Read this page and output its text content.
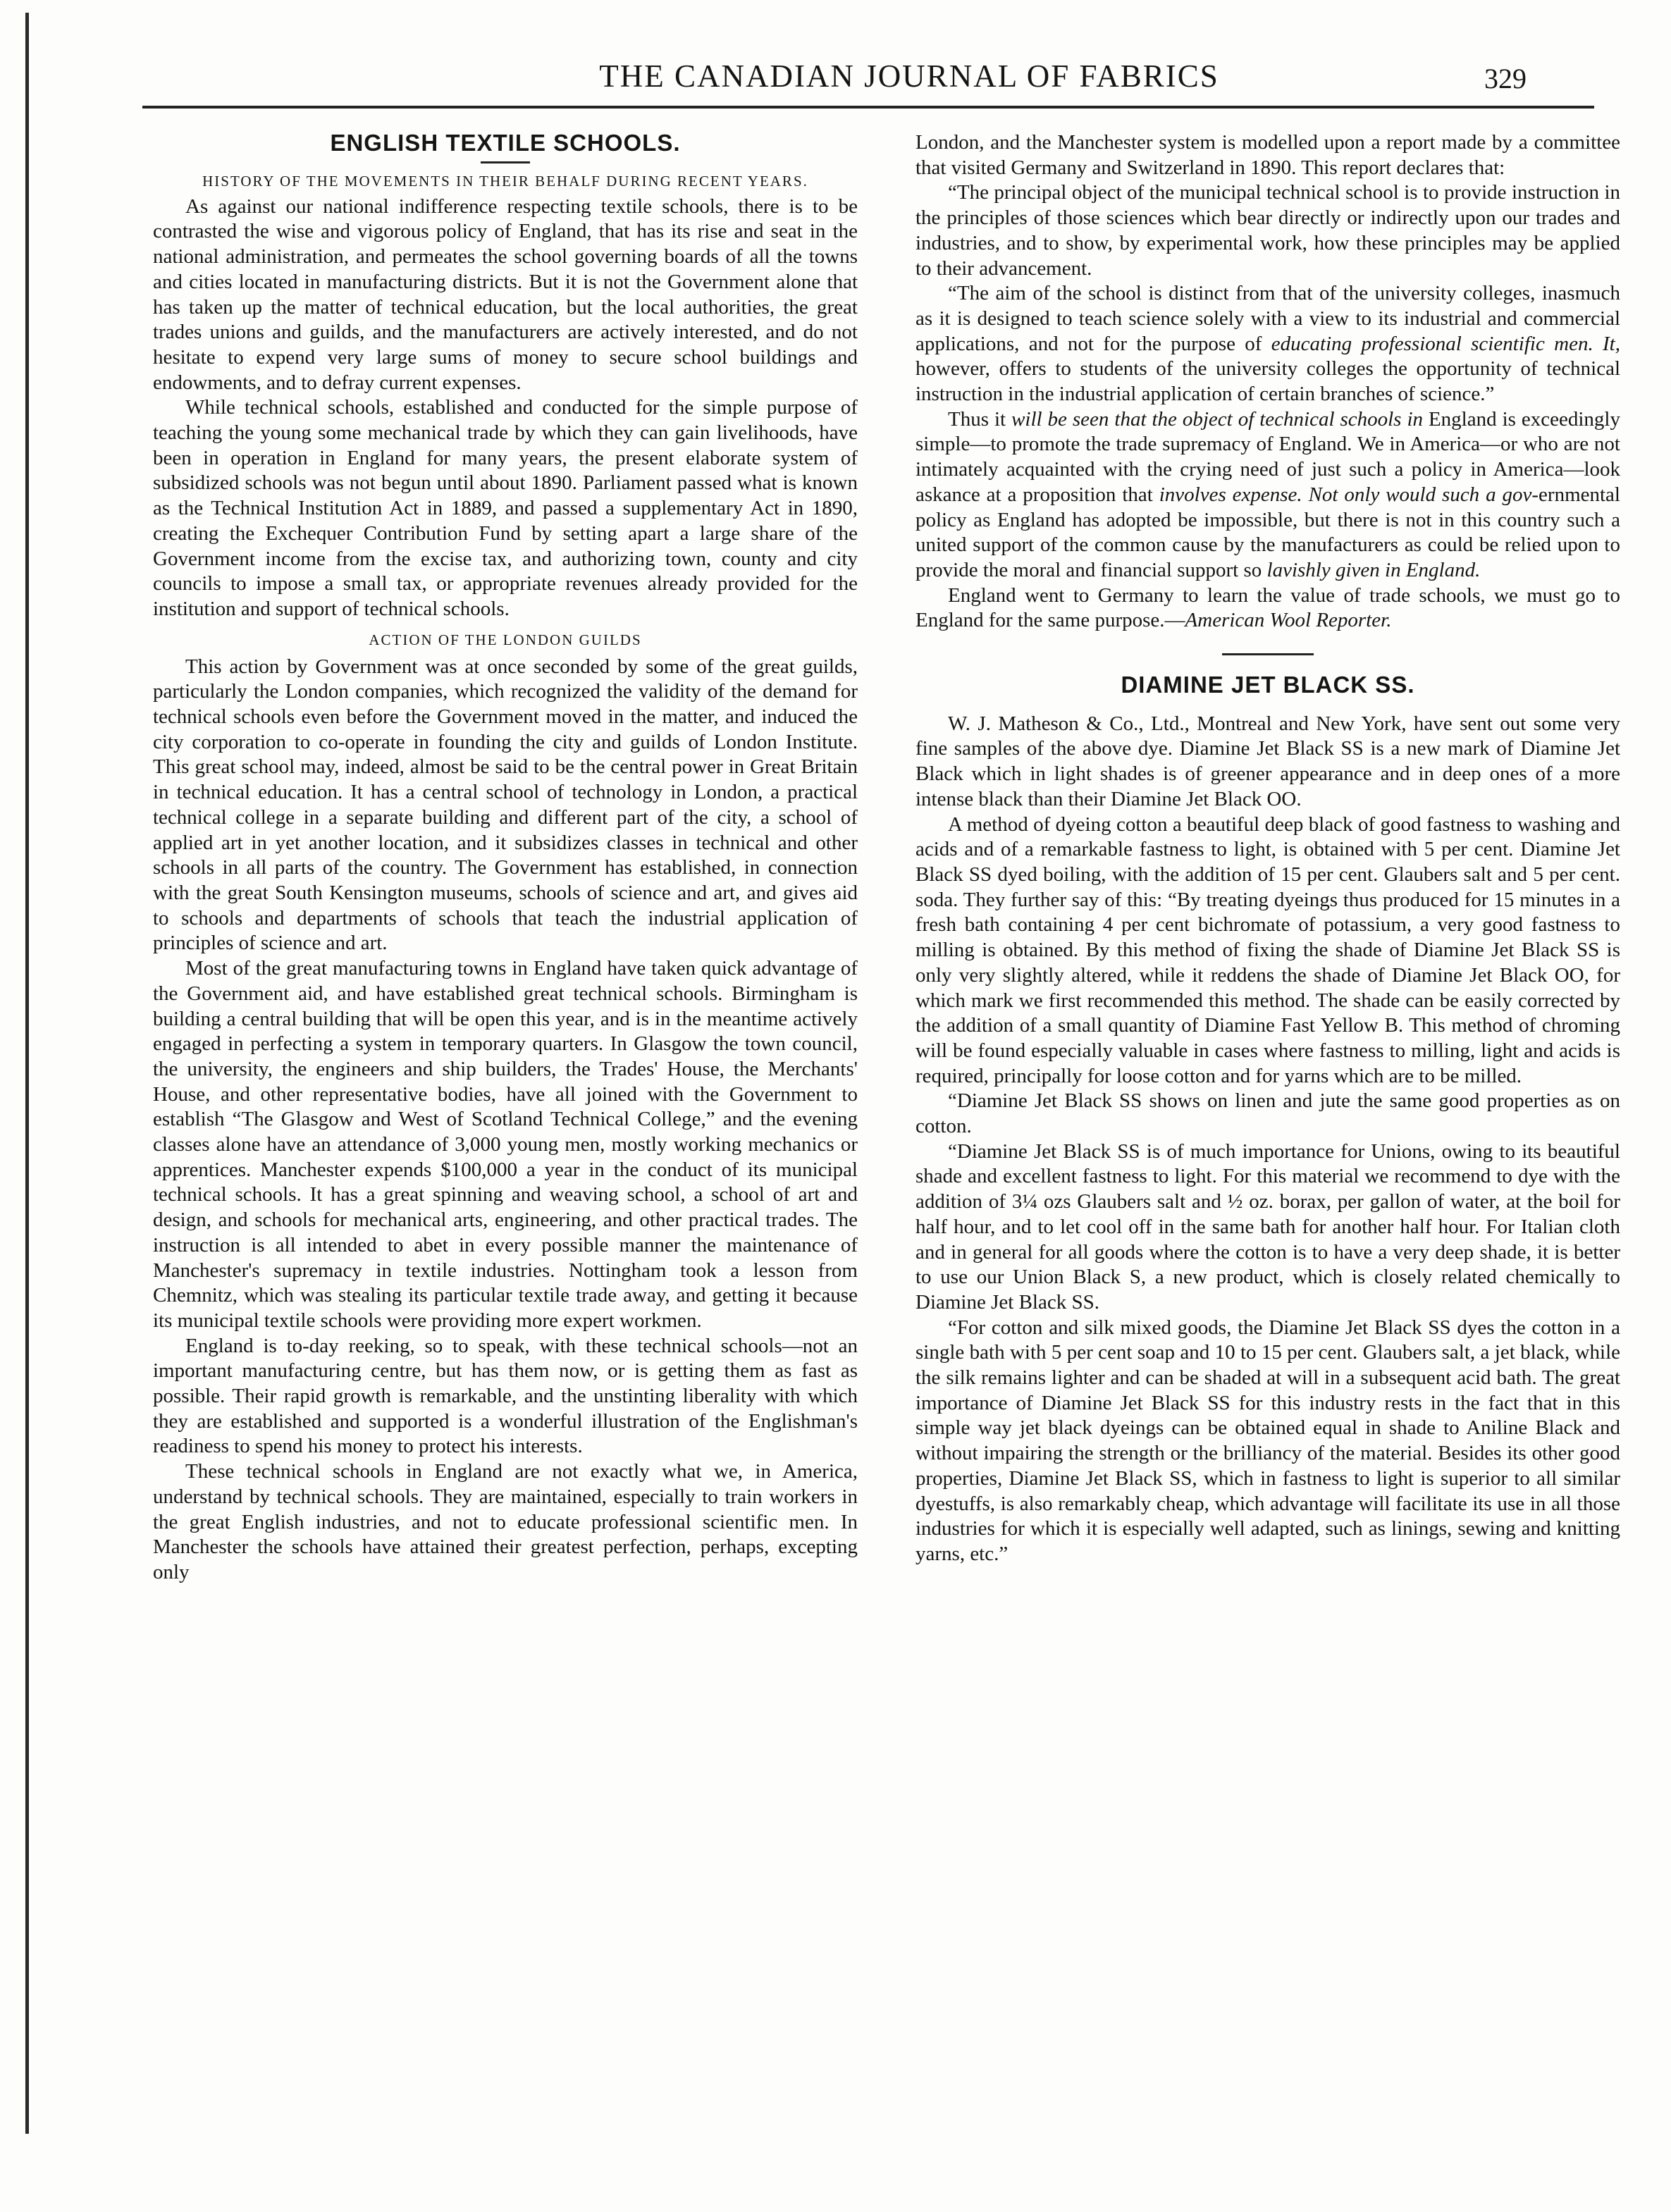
THE CANADIAN JOURNAL OF FABRICS	329
ENGLISH TEXTILE SCHOOLS.
HISTORY OF THE MOVEMENTS IN THEIR BEHALF DURING RECENT YEARS.

As against our national indifference respecting textile schools, there is to be contrasted the wise and vigorous policy of England, that has its rise and seat in the national administration, and permeates the school governing boards of all the towns and cities located in manufacturing districts. But it is not the Government alone that has taken up the matter of technical education, but the local authorities, the great trades unions and guilds, and the manufacturers are actively interested, and do not hesitate to expend very large sums of money to secure school buildings and endowments, and to defray current expenses.

While technical schools, established and conducted for the simple purpose of teaching the young some mechanical trade by which they can gain livelihoods, have been in operation in England for many years, the present elaborate system of subsidized schools was not begun until about 1890. Parliament passed what is known as the Technical Institution Act in 1889, and passed a supplementary Act in 1890, creating the Exchequer Contribution Fund by setting apart a large share of the Government income from the excise tax, and authorizing town, county and city councils to impose a small tax, or appropriate revenues already provided for the institution and support of technical schools.

ACTION OF THE LONDON GUILDS

This action by Government was at once seconded by some of the great guilds, particularly the London companies, which recognized the validity of the demand for technical schools even before the Government moved in the matter, and induced the city corporation to co-operate in founding the city and guilds of London Institute. This great school may, indeed, almost be said to be the central power in Great Britain in technical education. It has a central school of technology in London, a practical technical college in a separate building and different part of the city, a school of applied art in yet another location, and it subsidizes classes in technical and other schools in all parts of the country. The Government has established, in connection with the great South Kensington museums, schools of science and art, and gives aid to schools and departments of schools that teach the industrial application of principles of science and art.

Most of the great manufacturing towns in England have taken quick advantage of the Government aid, and have established great technical schools. Birmingham is building a central building that will be open this year, and is in the meantime actively engaged in perfecting a system in temporary quarters. In Glasgow the town council, the university, the engineers and ship builders, the Trades' House, the Merchants' House, and other representative bodies, have all joined with the Government to establish “The Glasgow and West of Scotland Technical College,” and the evening classes alone have an attendance of 3,000 young men, mostly working mechanics or apprentices. Manchester expends $100,000 a year in the conduct of its municipal technical schools. It has a great spinning and weaving school, a school of art and design, and schools for mechanical arts, engineering, and other practical trades. The instruction is all intended to abet in every possible manner the maintenance of Manchester's supremacy in textile industries. Nottingham took a lesson from Chemnitz, which was stealing its particular textile trade away, and getting it because its municipal textile schools were providing more expert workmen.

England is to-day reeking, so to speak, with these technical schools—not an important manufacturing centre, but has them now, or is getting them as fast as possible. Their rapid growth is remarkable, and the unstinting liberality with which they are established and supported is a wonderful illustration of the Englishman's readiness to spend his money to protect his interests.

These technical schools in England are not exactly what we, in America, understand by technical schools. They are maintained, especially to train workers in the great English industries, and not to educate professional scientific men. In Manchester the schools have attained their greatest perfection, perhaps, excepting only

London, and the Manchester system is modelled upon a report made by a committee that visited Germany and Switzerland in 1890. This report declares that:

“The principal object of the municipal technical school is to provide instruction in the principles of those sciences which bear directly or indirectly upon our trades and industries, and to show, by experimental work, how these principles may be applied to their advancement.

“The aim of the school is distinct from that of the university colleges, inasmuch as it is designed to teach science solely with a view to its industrial and commercial applications, and not for the purpose of educating professional scientific men. It, however, offers to students of the university colleges the opportunity of technical instruction in the industrial application of certain branches of science.”

Thus it will be seen that the object of technical schools in England is exceedingly simple—to promote the trade supremacy of England. We in America—or who are not intimately acquainted with the crying need of just such a policy in America—look askance at a proposition that involves expense. Not only would such a gov-ernmental policy as England has adopted be impossible, but there is not in this country such a united support of the common cause by the manufacturers as could be relied upon to provide the moral and financial support so lavishly given in England.

England went to Germany to learn the value of trade schools, we must go to England for the same purpose.—American Wool Reporter.

DIAMINE JET BLACK SS.

W. J. Matheson & Co., Ltd., Montreal and New York, have sent out some very fine samples of the above dye. Diamine Jet Black SS is a new mark of Diamine Jet Black which in light shades is of greener appearance and in deep ones of a more intense black than their Diamine Jet Black OO.

A method of dyeing cotton a beautiful deep black of good fastness to washing and acids and of a remarkable fastness to light, is obtained with 5 per cent. Diamine Jet Black SS dyed boiling, with the addition of 15 per cent. Glaubers salt and 5 per cent. soda. They further say of this: “By treating dyeings thus produced for 15 minutes in a fresh bath containing 4 per cent bichromate of potassium, a very good fastness to milling is obtained. By this method of fixing the shade of Diamine Jet Black SS is only very slightly altered, while it reddens the shade of Diamine Jet Black OO, for which mark we first recommended this method. The shade can be easily corrected by the addition of a small quantity of Diamine Fast Yellow B. This method of chroming will be found especially valuable in cases where fastness to milling, light and acids is required, principally for loose cotton and for yarns which are to be milled.

“Diamine Jet Black SS shows on linen and jute the same good properties as on cotton.

“Diamine Jet Black SS is of much importance for Unions, owing to its beautiful shade and excellent fastness to light. For this material we recommend to dye with the addition of 3¼ ozs Glaubers salt and ½ oz. borax, per gallon of water, at the boil for half hour, and to let cool off in the same bath for another half hour. For Italian cloth and in general for all goods where the cotton is to have a very deep shade, it is better to use our Union Black S, a new product, which is closely related chemically to Diamine Jet Black SS.

“For cotton and silk mixed goods, the Diamine Jet Black SS dyes the cotton in a single bath with 5 per cent soap and 10 to 15 per cent. Glaubers salt, a jet black, while the silk remains lighter and can be shaded at will in a subsequent acid bath. The great importance of Diamine Jet Black SS for this industry rests in the fact that in this simple way jet black dyeings can be obtained equal in shade to Aniline Black and without impairing the strength or the brilliancy of the material. Besides its other good properties, Diamine Jet Black SS, which in fastness to light is superior to all similar dyestuffs, is also remarkably cheap, which advantage will facilitate its use in all those industries for which it is especially well adapted, such as linings, sewing and knitting yarns, etc.”
